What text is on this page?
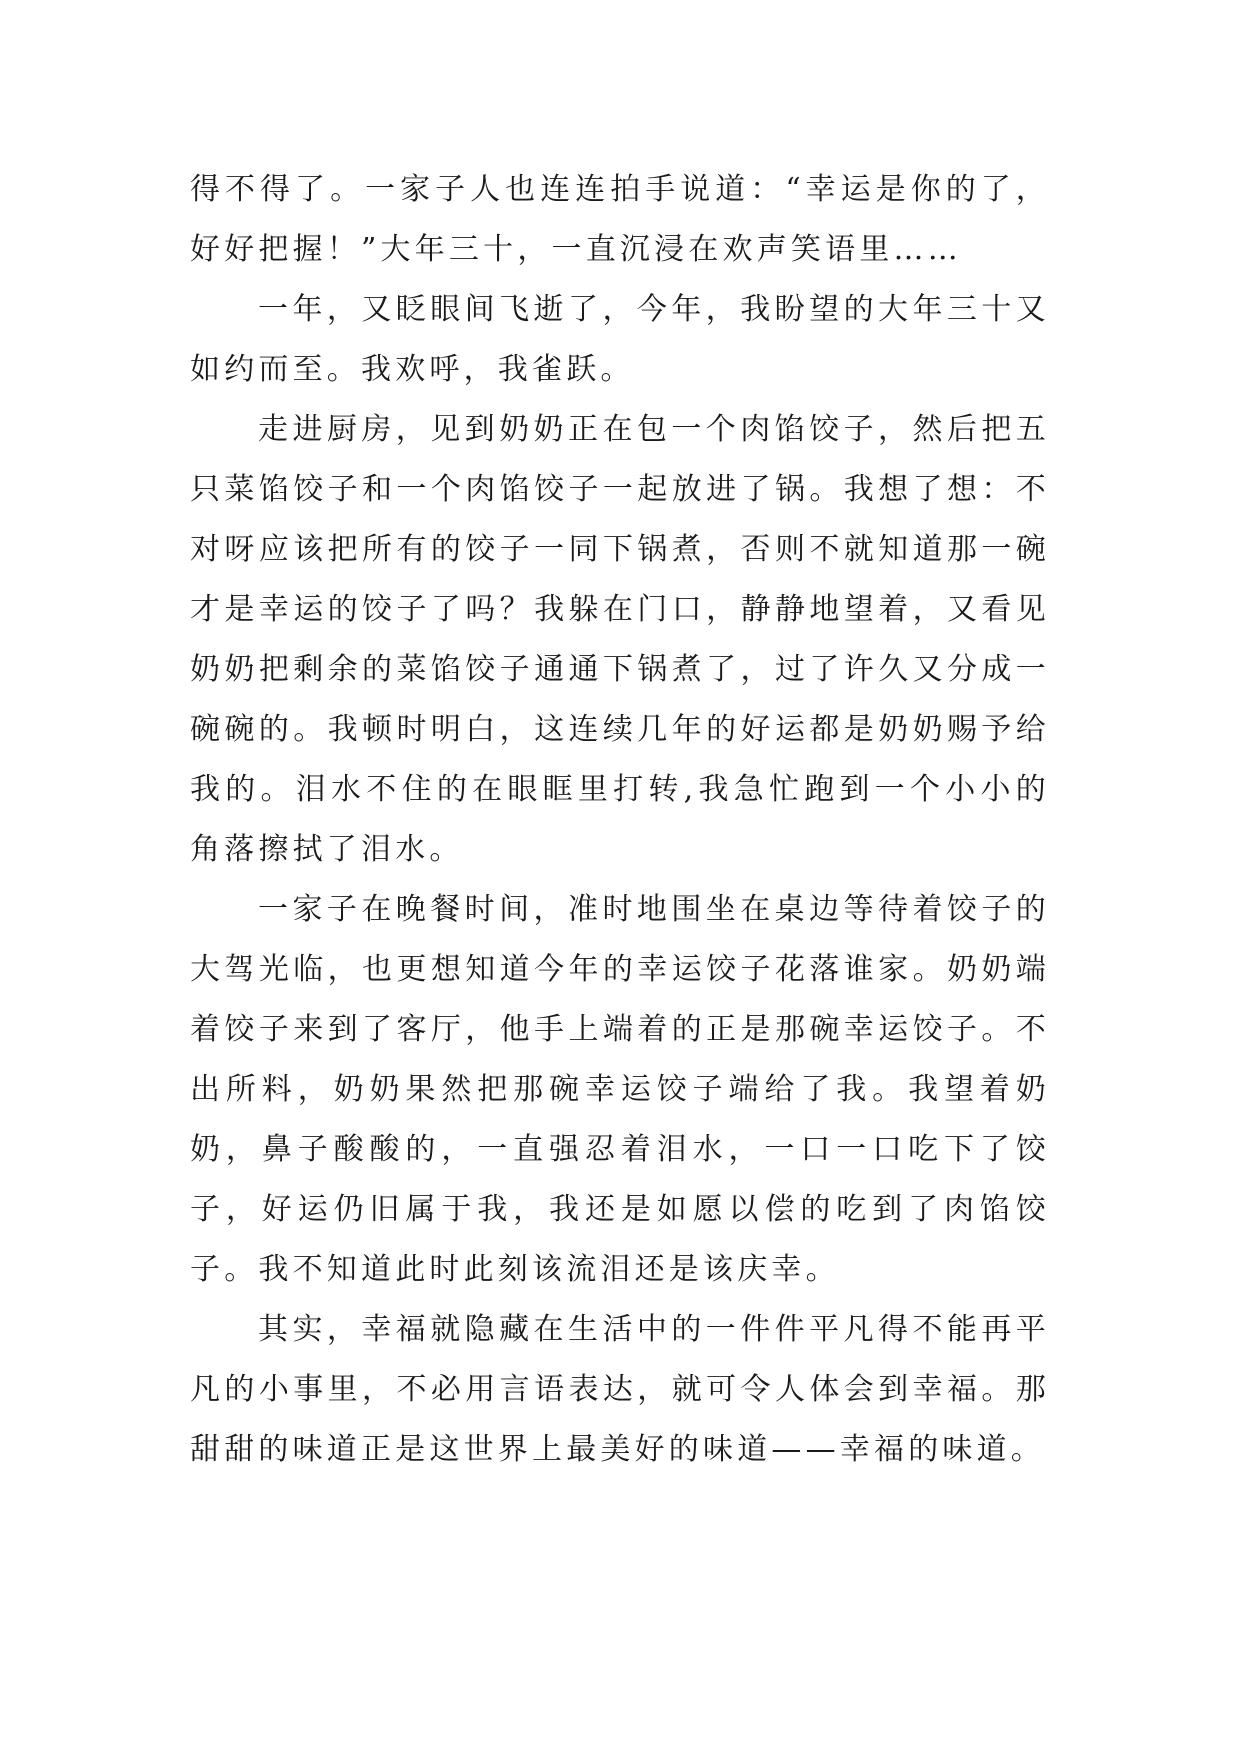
得不得了。一家子人也连连拍手说道：“幸运是你的了，好好把握！”大年三十，一直沉浸在欢声笑语里……

一年，又眨眼间飞逝了，今年，我盼望的大年三十又如约而至。我欢呼，我雀跃。

走进厨房，见到奶奶正在包一个肉馅饺子，然后把五只菜馅饺子和一个肉馅饺子一起放进了锅。我想了想：不对呀应该把所有的饺子一同下锅煮，否则不就知道那一碗才是幸运的饺子了吗？我躲在门口，静静地望着，又看见奶奶把剩余的菜馅饺子通通下锅煮了，过了许久又分成一碗碗的。我顿时明白，这连续几年的好运都是奶奶赐予给我的。泪水不住的在眼眶里打转,我急忙跑到一个小小的角落擦拭了泪水。

一家子在晚餐时间，准时地围坐在桌边等待着饺子的大驾光临，也更想知道今年的幸运饺子花落谁家。奶奶端着饺子来到了客厅，他手上端着的正是那碗幸运饺子。不出所料，奶奶果然把那碗幸运饺子端给了我。我望着奶奶，鼻子酸酸的，一直强忍着泪水，一口一口吃下了饺子，好运仍旧属于我，我还是如愿以偿的吃到了肉馅饺子。我不知道此时此刻该流泪还是该庆幸。

其实，幸福就隐藏在生活中的一件件平凡得不能再平凡的小事里，不必用言语表达，就可令人体会到幸福。那甜甜的味道正是这世界上最美好的味道——幸福的味道。
